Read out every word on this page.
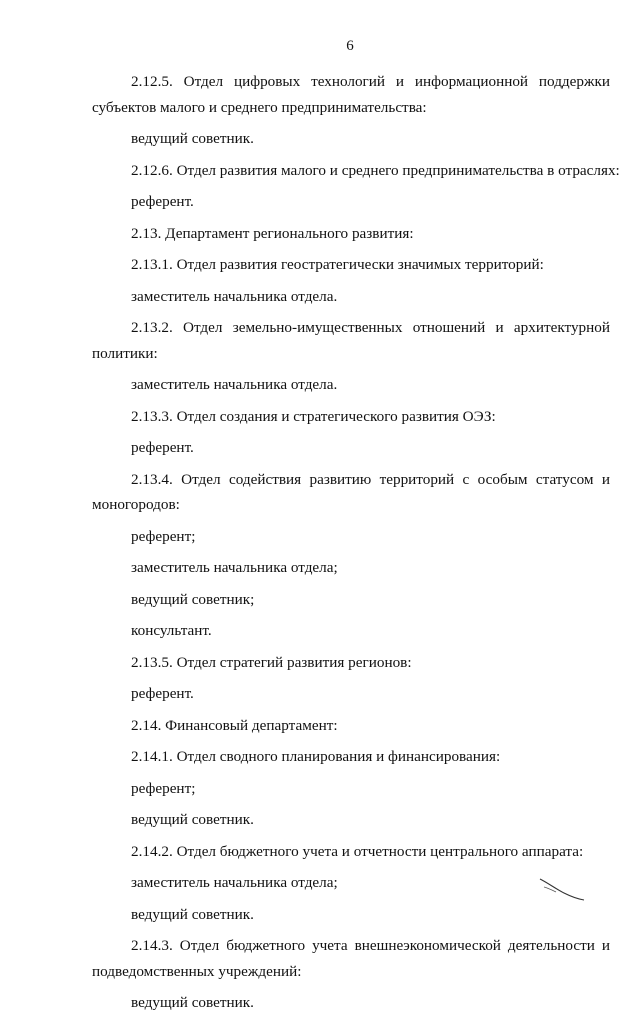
6
2.12.5. Отдел цифровых технологий и информационной поддержки субъектов малого и среднего предпринимательства:
ведущий советник.
2.12.6. Отдел развития малого и среднего предпринимательства в отраслях:
референт.
2.13. Департамент регионального развития:
2.13.1. Отдел развития геостратегически значимых территорий:
заместитель начальника отдела.
2.13.2. Отдел земельно-имущественных отношений и архитектурной политики:
заместитель начальника отдела.
2.13.3. Отдел создания и стратегического развития ОЭЗ:
референт.
2.13.4. Отдел содействия развитию территорий с особым статусом и моногородов:
референт;
заместитель начальника отдела;
ведущий советник;
консультант.
2.13.5. Отдел стратегий развития регионов:
референт.
2.14. Финансовый департамент:
2.14.1. Отдел сводного планирования и финансирования:
референт;
ведущий советник.
2.14.2. Отдел бюджетного учета и отчетности центрального аппарата:
заместитель начальника отдела;
ведущий советник.
2.14.3. Отдел бюджетного учета внешнеэкономической деятельности и подведомственных учреждений:
ведущий советник.
